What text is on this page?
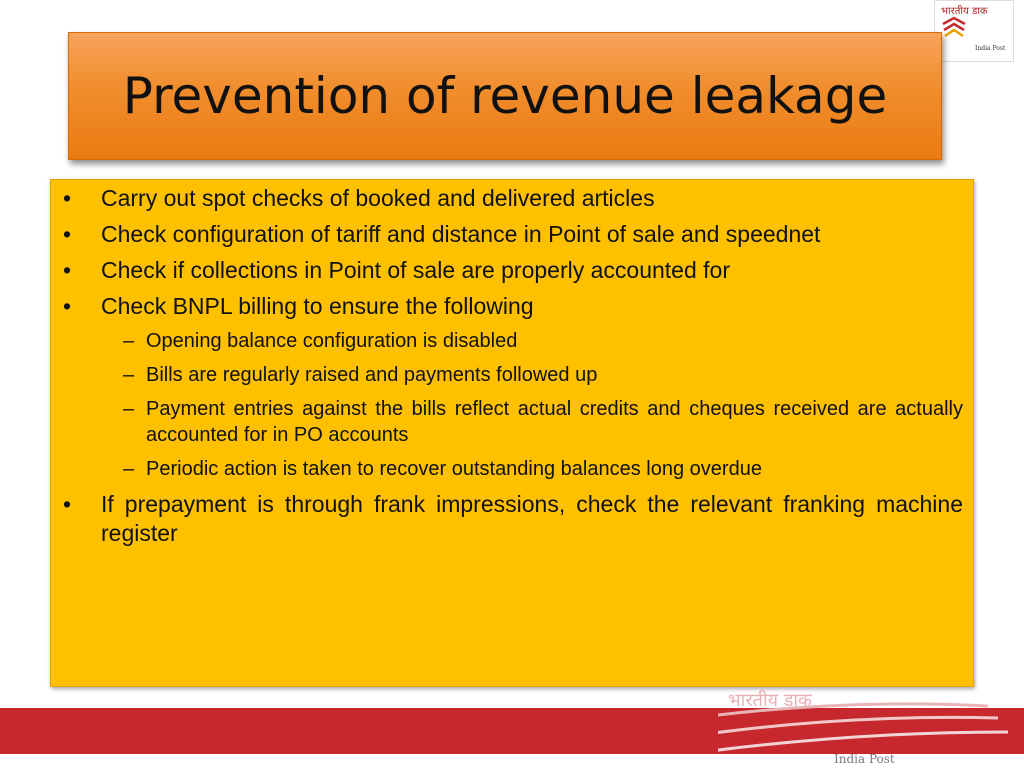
भारतीय डाक
India Post
Prevention of revenue leakage
• Carry out spot checks of booked and delivered articles
• Check configuration of tariff and distance in Point of sale and speednet
• Check if collections in Point of sale are properly accounted for
• Check BNPL billing to ensure the following
– Opening balance configuration is disabled
– Bills are regularly raised and payments followed up
– Payment entries against the bills reflect actual credits and cheques received are actually accounted for in PO accounts
– Periodic action is taken to recover outstanding balances long overdue
• If prepayment is through frank impressions, check the relevant franking machine register
भारतीय डाक
India Post
